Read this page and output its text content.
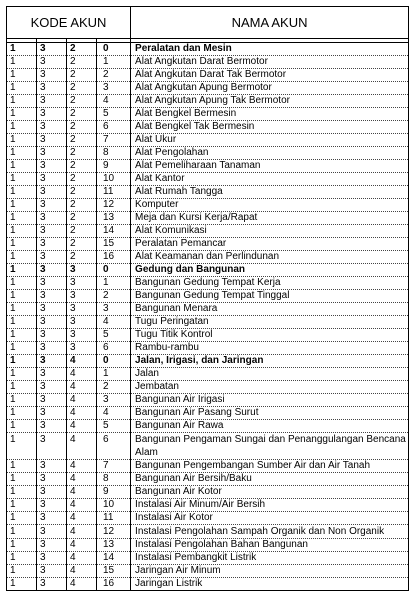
KODE AKUN				NAMA AKUN

1	3	2	0	Peralatan dan Mesin
1	3	2	1	Alat Angkutan Darat Bermotor
1	3	2	2	Alat Angkutan Darat Tak Bermotor
1	3	2	3	Alat Angkutan Apung Bermotor
1	3	2	4	Alat Angkutan Apung Tak Bermotor
1	3	2	5	Alat Bengkel Bermesin
1	3	2	6	Alat Bengkel Tak Bermesin
1	3	2	7	Alat Ukur
1	3	2	8	Alat Pengolahan
1	3	2	9	Alat Pemeliharaan Tanaman
1	3	2	10	Alat Kantor
1	3	2	11	Alat Rumah Tangga
1	3	2	12	Komputer
1	3	2	13	Meja dan Kursi Kerja/Rapat
1	3	2	14	Alat Komunikasi
1	3	2	15	Peralatan Pemancar
1	3	2	16	Alat Keamanan dan Perlindunan
1	3	3	0	Gedung dan Bangunan
1	3	3	1	Bangunan Gedung Tempat Kerja
1	3	3	2	Bangunan Gedung Tempat Tinggal
1	3	3	3	Bangunan Menara
1	3	3	4	Tugu Peringatan
1	3	3	5	Tugu Titik Kontrol
1	3	3	6	Rambu-rambu
1	3	4	0	Jalan, Irigasi, dan Jaringan
1	3	4	1	Jalan
1	3	4	2	Jembatan
1	3	4	3	Bangunan Air Irigasi
1	3	4	4	Bangunan Air Pasang Surut
1	3	4	5	Bangunan Air Rawa
1	3	4	6	Bangunan Pengaman Sungai dan Penanggulangan Bencana Alam
1	3	4	7	Bangunan Pengembangan Sumber Air dan Air Tanah
1	3	4	8	Bangunan Air Bersih/Baku
1	3	4	9	Bangunan Air Kotor
1	3	4	10	Instalasi Air Minum/Air Bersih
1	3	4	11	Instalasi Air Kotor
1	3	4	12	Instalasi Pengolahan Sampah Organik dan Non Organik
1	3	4	13	Instalasi Pengolahan Bahan Bangunan
1	3	4	14	Instalasi Pembangkit Listrik
1	3	4	15	Jaringan Air Minum
1	3	4	16	Jaringan Listrik
